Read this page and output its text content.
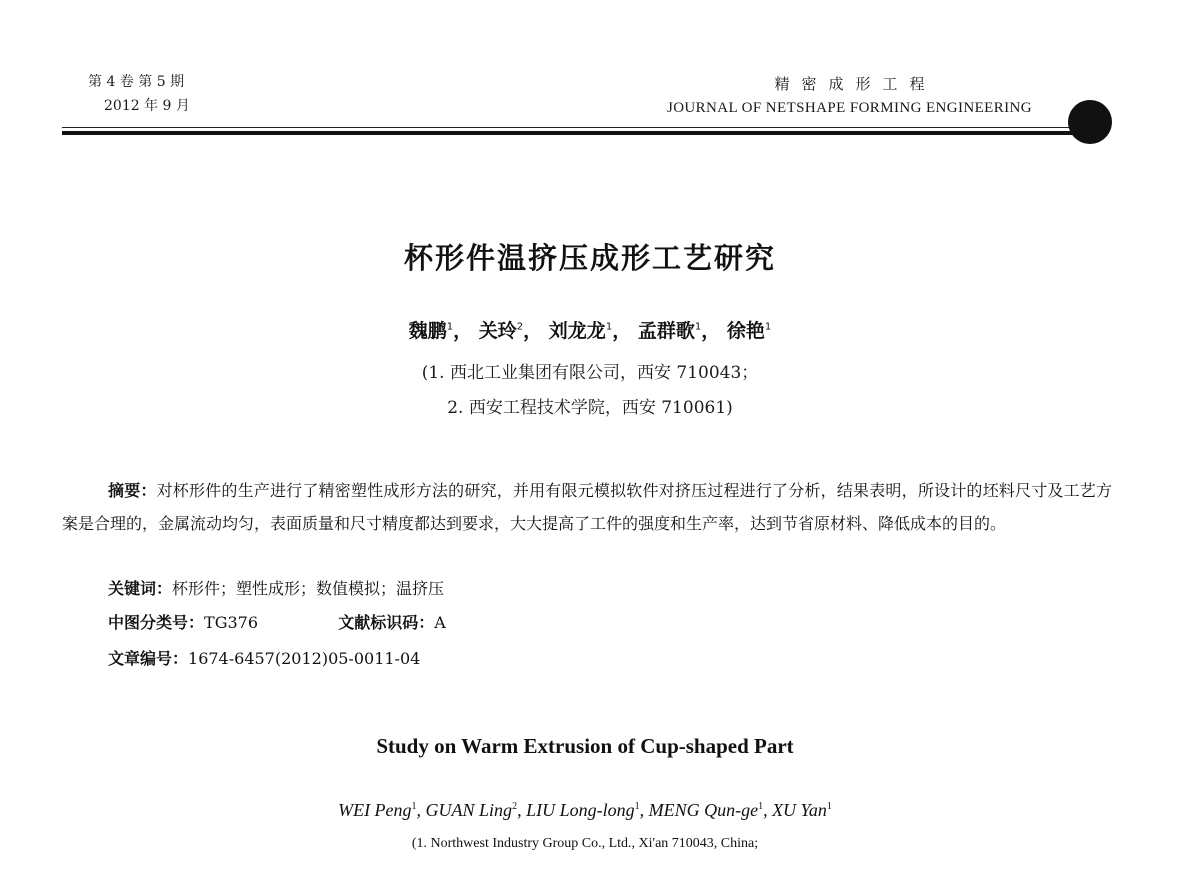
第 4 卷 第 5 期
2012 年 9 月
精密成形工程
JOURNAL OF NETSHAPE FORMING ENGINEERING
杯形件温挤压成形工艺研究
魏鹏$^1$， 关玲$^2$， 刘龙龙$^1$， 孟群歌$^1$， 徐艳$^1$
(1. 西北工业集团有限公司，西安 710043；
2. 西安工程技术学院，西安 710061)
摘要：对杯形件的生产进行了精密塑性成形方法的研究，并用有限元模拟软件对挤压过程进行了分析，结果表明，所设计的坯料尺寸及工艺方案是合理的，金属流动均匀，表面质量和尺寸精度都达到要求，大大提高了工件的强度和生产率，达到节省原材料、降低成本的目的。
关键词：杯形件；塑性成形；数值模拟；温挤压
中图分类号：TG376	文献标识码：A
文章编号：1674-6457(2012)05-0011-04
Study on Warm Extrusion of Cup-shaped Part
WEI Peng$^1$, GUAN Ling$^2$, LIU Long-long$^1$, MENG Qun-$ge^1$, XU Yan$^1$
(1. Northwest Industry Group Co., Ltd., Xi'an 710043, China;
